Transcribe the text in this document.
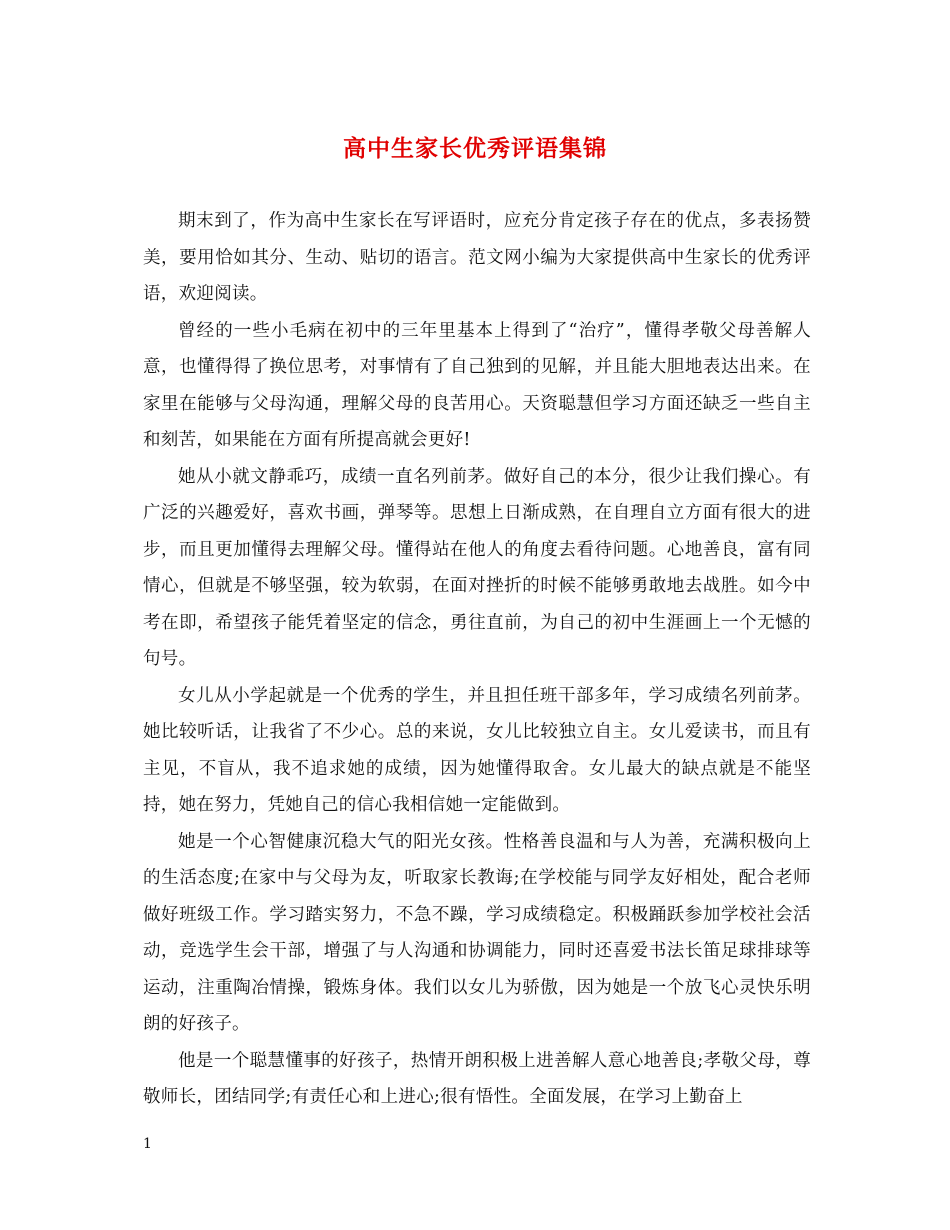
高中生家长优秀评语集锦

期末到了，作为高中生家长在写评语时，应充分肯定孩子存在的优点，多表扬赞美，要用恰如其分、生动、贴切的语言。范文网小编为大家提供高中生家长的优秀评语，欢迎阅读。

曾经的一些小毛病在初中的三年里基本上得到了“治疗”，懂得孝敬父母善解人意，也懂得得了换位思考，对事情有了自己独到的见解，并且能大胆地表达出来。在家里在能够与父母沟通，理解父母的良苦用心。天资聪慧但学习方面还缺乏一些自主和刻苦，如果能在方面有所提高就会更好!

她从小就文静乖巧，成绩一直名列前茅。做好自己的本分，很少让我们操心。有广泛的兴趣爱好，喜欢书画，弹琴等。思想上日渐成熟，在自理自立方面有很大的进步，而且更加懂得去理解父母。懂得站在他人的角度去看待问题。心地善良，富有同情心，但就是不够坚强，较为软弱，在面对挫折的时候不能够勇敢地去战胜。如今中考在即，希望孩子能凭着坚定的信念，勇往直前，为自己的初中生涯画上一个无憾的句号。

女儿从小学起就是一个优秀的学生，并且担任班干部多年，学习成绩名列前茅。她比较听话，让我省了不少心。总的来说，女儿比较独立自主。女儿爱读书，而且有主见，不盲从，我不追求她的成绩，因为她懂得取舍。女儿最大的缺点就是不能坚持，她在努力，凭她自己的信心我相信她一定能做到。

她是一个心智健康沉稳大气的阳光女孩。性格善良温和与人为善，充满积极向上的生活态度;在家中与父母为友，听取家长教诲;在学校能与同学友好相处，配合老师做好班级工作。学习踏实努力，不急不躁，学习成绩稳定。积极踊跃参加学校社会活动，竞选学生会干部，增强了与人沟通和协调能力，同时还喜爱书法长笛足球排球等运动，注重陶冶情操，锻炼身体。我们以女儿为骄傲，因为她是一个放飞心灵快乐明朗的好孩子。

他是一个聪慧懂事的好孩子，热情开朗积极上进善解人意心地善良;孝敬父母，尊敬师长，团结同学;有责任心和上进心;很有悟性。全面发展，在学习上勤奋上

1
